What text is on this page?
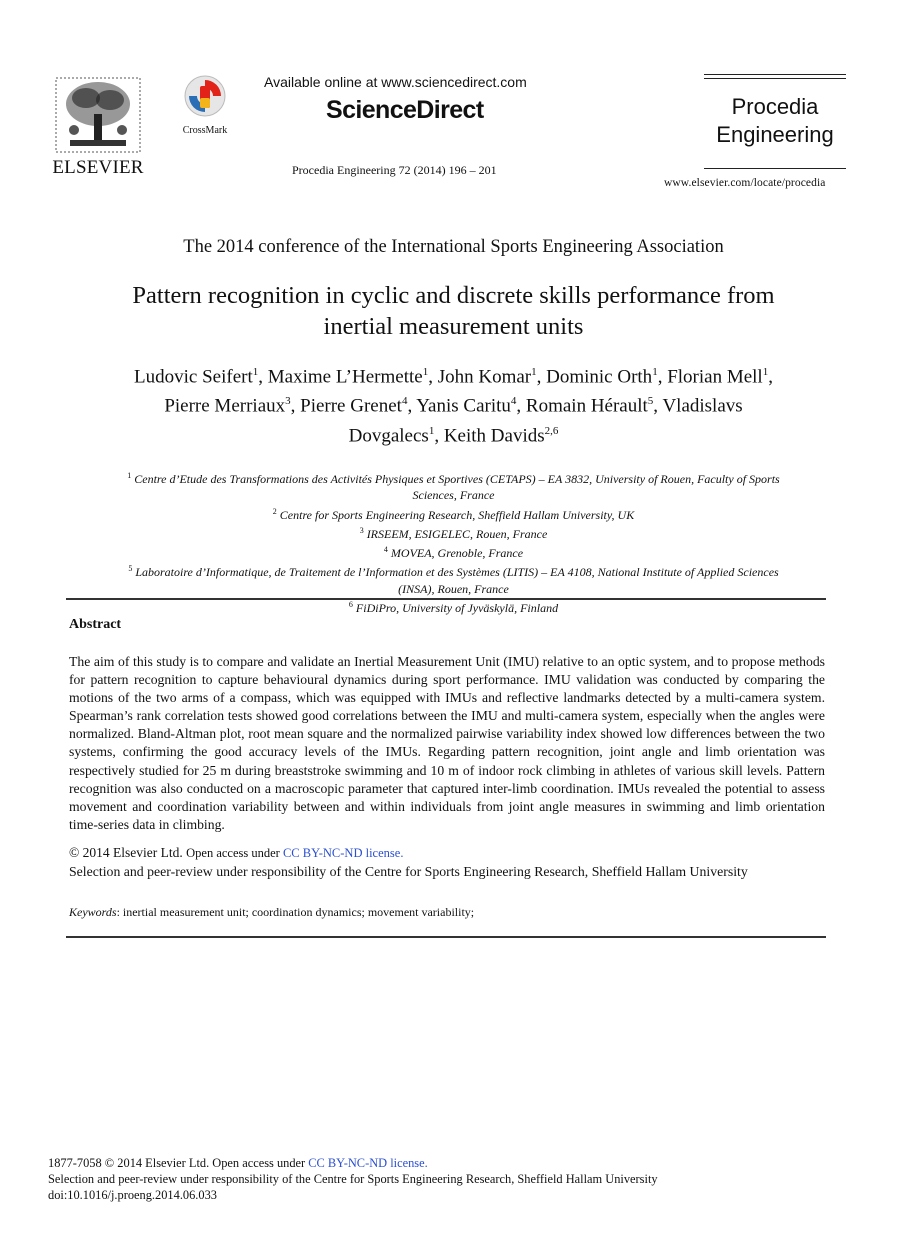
ELSEVIER
CrossMark
Available online at www.sciencedirect.com
ScienceDirect
Procedia Engineering 72 (2014) 196 – 201
Procedia
Engineering
www.elsevier.com/locate/procedia
The 2014 conference of the International Sports Engineering Association
Pattern recognition in cyclic and discrete skills performance from
inertial measurement units
Ludovic Seifert$^1$, Maxime L’Hermette$^1$, John Komar$^1$, Dominic Orth$^1$, Florian Mell$^1$,
Pierre Merriaux$^3$, Pierre Grenet$^4$, Yanis Caritu$^4$, Romain Hérault$^5$, Vladislavs
Dovgalecs$^1$, Keith Davids$^{2,6}$
$^1$ Centre d’Etude des Transformations des Activités Physiques et Sportives (CETAPS) – EA 3832, University of Rouen, Faculty of Sports
Sciences, France
$^2$ Centre for Sports Engineering Research, Sheffield Hallam University, UK
$^3$ IRSEEM, ESIGELEC, Rouen, France
$^4$ MOVEA, Grenoble, France
$^5$ Laboratoire d’Informatique, de Traitement de l’Information et des Systèmes (LITIS) – EA 4108, National Institute of Applied Sciences
(INSA), Rouen, France
$^6$ FiDiPro, University of Jyväskylä, Finland
Abstract
The aim of this study is to compare and validate an Inertial Measurement Unit (IMU) relative to an optic system, and to propose methods for pattern recognition to capture behavioural dynamics during sport performance. IMU validation was conducted by comparing the motions of the two arms of a compass, which was equipped with IMUs and reflective landmarks detected by a multi-camera system. Spearman’s rank correlation tests showed good correlations between the IMU and multi-camera system, especially when the angles were normalized. Bland-Altman plot, root mean square and the normalized pairwise variability index showed low differences between the two systems, confirming the good accuracy levels of the IMUs. Regarding pattern recognition, joint angle and limb orientation was respectively studied for 25 m during breaststroke swimming and 10 m of indoor rock climbing in athletes of various skill levels. Pattern recognition was also conducted on a macroscopic parameter that captured inter-limb coordination. IMUs revealed the potential to assess movement and coordination variability between and within individuals from joint angle measures in swimming and limb orientation time-series data in climbing.
© 2014 Elsevier Ltd. Open access under CC BY-NC-ND license.
Selection and peer-review under responsibility of the Centre for Sports Engineering Research, Sheffield Hallam University
Keywords: inertial measurement unit; coordination dynamics; movement variability;
1877-7058 © 2014 Elsevier Ltd. Open access under CC BY-NC-ND license.
Selection and peer-review under responsibility of the Centre for Sports Engineering Research, Sheffield Hallam University
doi:10.1016/j.proeng.2014.06.033
